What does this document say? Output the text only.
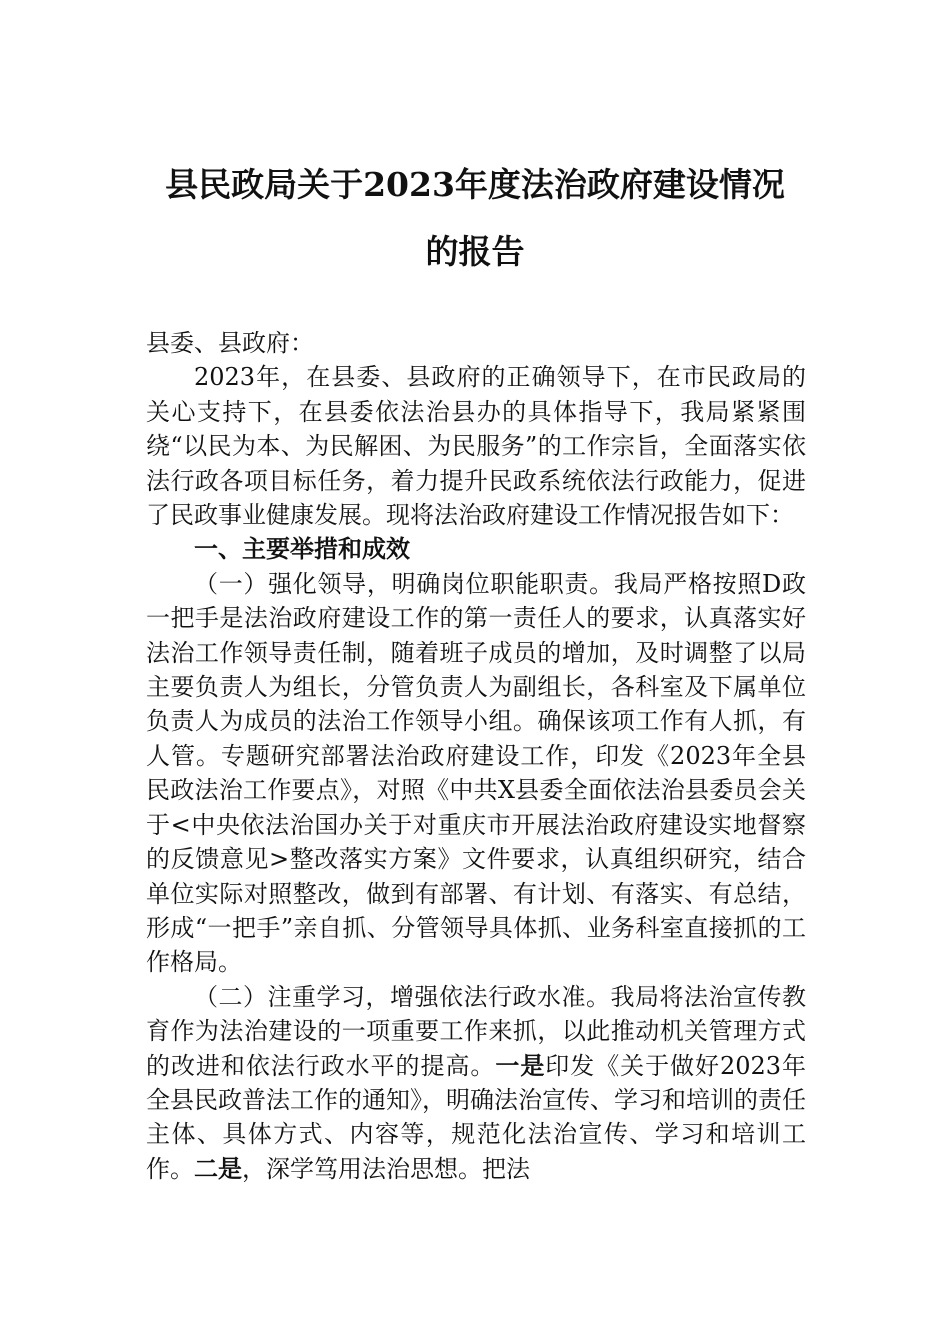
县民政局关于2023年度法治政府建设情况
的报告

县委、县政府：

2023年，在县委、县政府的正确领导下，在市民政局的关心支持下，在县委依法治县办的具体指导下，我局紧紧围绕“以民为本、为民解困、为民服务”的工作宗旨，全面落实依法行政各项目标任务，着力提升民政系统依法行政能力，促进了民政事业健康发展。现将法治政府建设工作情况报告如下：

一、主要举措和成效

（一）强化领导，明确岗位职能职责。我局严格按照D政一把手是法治政府建设工作的第一责任人的要求，认真落实好法治工作领导责任制，随着班子成员的增加，及时调整了以局主要负责人为组长，分管负责人为副组长，各科室及下属单位负责人为成员的法治工作领导小组。确保该项工作有人抓，有人管。专题研究部署法治政府建设工作，印发《2023年全县民政法治工作要点》，对照《中共X县委全面依法治县委员会关于<中央依法治国办关于对重庆市开展法治政府建设实地督察的反馈意见>整改落实方案》文件要求，认真组织研究，结合单位实际对照整改，做到有部署、有计划、有落实、有总结，形成“一把手”亲自抓、分管领导具体抓、业务科室直接抓的工作格局。

（二）注重学习，增强依法行政水准。我局将法治宣传教育作为法治建设的一项重要工作来抓，以此推动机关管理方式的改进和依法行政水平的提高。一是印发《关于做好2023年全县民政普法工作的通知》，明确法治宣传、学习和培训的责任主体、具体方式、内容等，规范化法治宣传、学习和培训工作。二是，深学笃用法治思想。把法
